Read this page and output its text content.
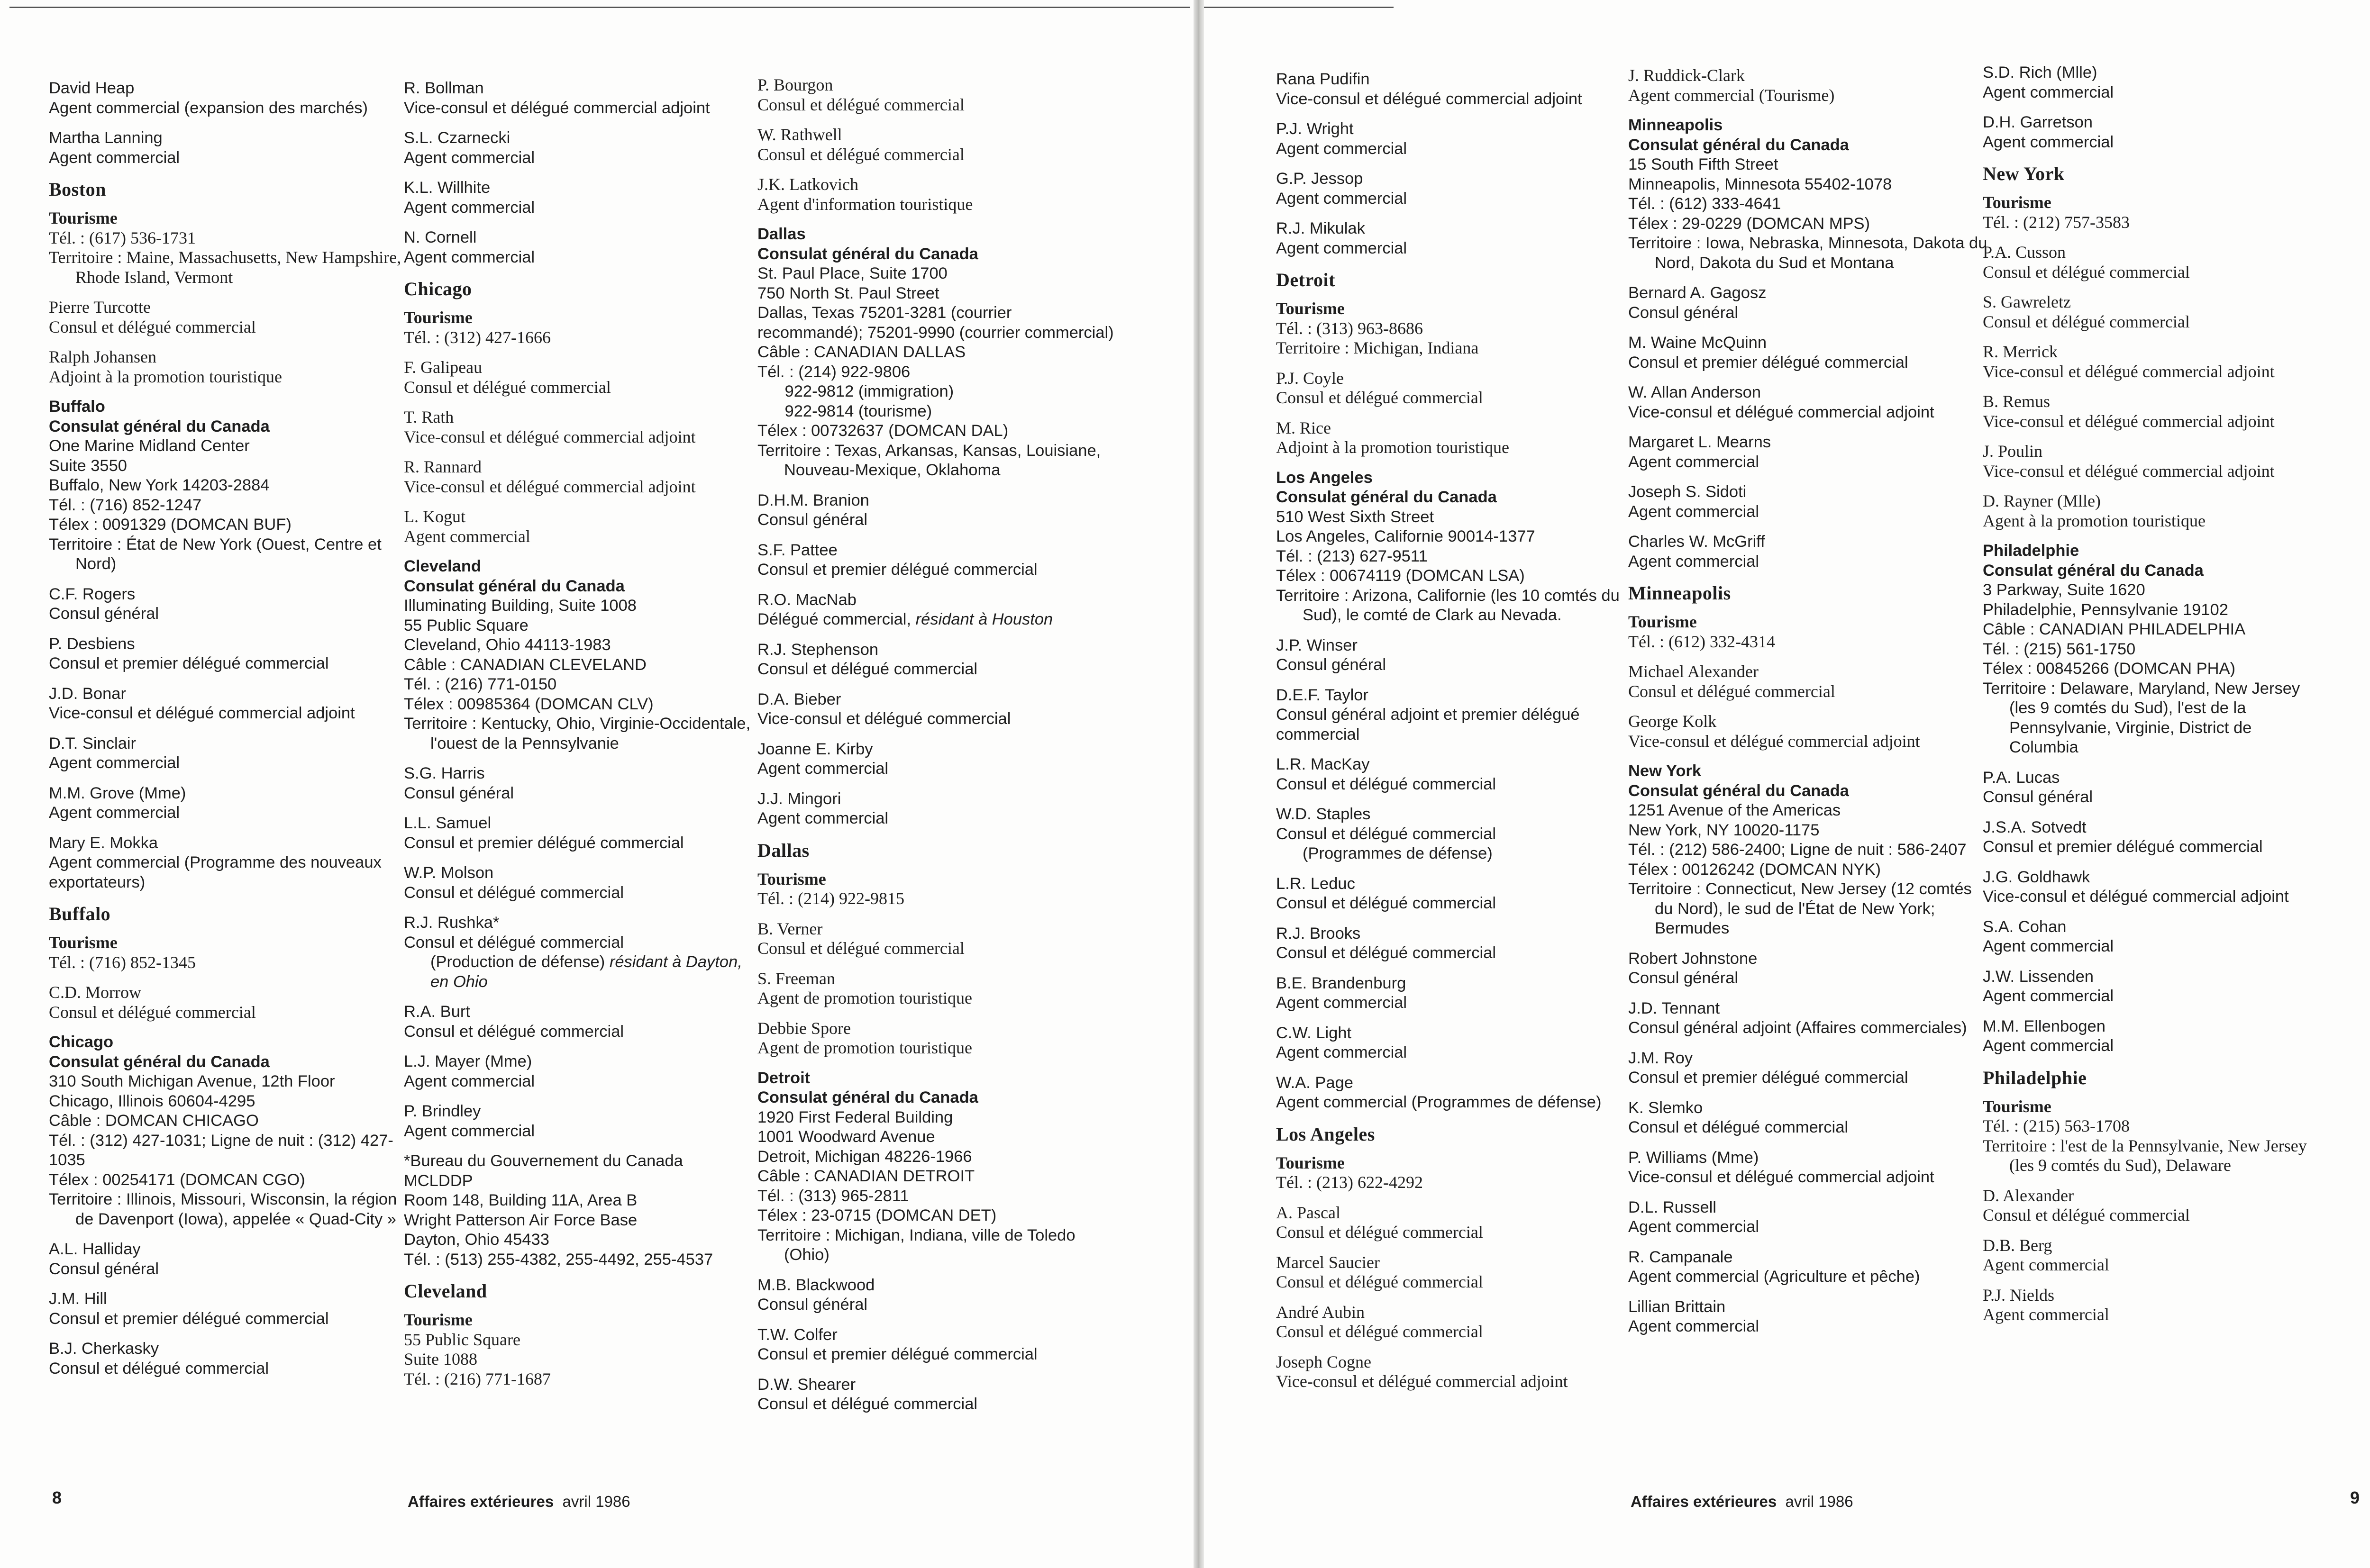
David Heap
Agent commercial (expansion des marchés)
Martha Lanning
Agent commercial
Boston
Tourisme
Tél. : (617) 536-1731
Territoire : Maine, Massachusetts, New Hampshire, Rhode Island, Vermont
Pierre Turcotte
Consul et délégué commercial
Ralph Johansen
Adjoint à la promotion touristique
Buffalo
Consulat général du Canada
One Marine Midland Center
Suite 3550
Buffalo, New York 14203-2884
Tél. : (716) 852-1247
Télex : 0091329 (DOMCAN BUF)
Territoire : État de New York (Ouest, Centre et Nord)
C.F. Rogers
Consul général
P. Desbiens
Consul et premier délégué commercial
J.D. Bonar
Vice-consul et délégué commercial adjoint
D.T. Sinclair
Agent commercial
M.M. Grove (Mme)
Agent commercial
Mary E. Mokka
Agent commercial (Programme des nouveaux exportateurs)
Buffalo
Tourisme
Tél. : (716) 852-1345
C.D. Morrow
Consul et délégué commercial
Chicago
Consulat général du Canada
310 South Michigan Avenue, 12th Floor
Chicago, Illinois 60604-4295
Câble : DOMCAN CHICAGO
Tél. : (312) 427-1031; Ligne de nuit : (312) 427-1035
Télex : 00254171 (DOMCAN CGO)
Territoire : Illinois, Missouri, Wisconsin, la région de Davenport (Iowa), appelée « Quad-City »
A.L. Halliday
Consul général
J.M. Hill
Consul et premier délégué commercial
B.J. Cherkasky
Consul et délégué commercial
R. Bollman
Vice-consul et délégué commercial adjoint
S.L. Czarnecki
Agent commercial
K.L. Willhite
Agent commercial
N. Cornell
Agent commercial
Chicago
Tourisme
Tél. : (312) 427-1666
F. Galipeau
Consul et délégué commercial
T. Rath
Vice-consul et délégué commercial adjoint
R. Rannard
Vice-consul et délégué commercial adjoint
L. Kogut
Agent commercial
Cleveland
Consulat général du Canada
Illuminating Building, Suite 1008
55 Public Square
Cleveland, Ohio 44113-1983
Câble : CANADIAN CLEVELAND
Tél. : (216) 771-0150
Télex : 00985364 (DOMCAN CLV)
Territoire : Kentucky, Ohio, Virginie-Occidentale, l'ouest de la Pennsylvanie
S.G. Harris
Consul général
L.L. Samuel
Consul et premier délégué commercial
W.P. Molson
Consul et délégué commercial
R.J. Rushka*
Consul et délégué commercial
(Production de défense) résidant à Dayton, en Ohio
R.A. Burt
Consul et délégué commercial
L.J. Mayer (Mme)
Agent commercial
P. Brindley
Agent commercial
*Bureau du Gouvernement du Canada
MCLDDP
Room 148, Building 11A, Area B
Wright Patterson Air Force Base
Dayton, Ohio 45433
Tél. : (513) 255-4382, 255-4492, 255-4537
Cleveland
Tourisme
55 Public Square
Suite 1088
Tél. : (216) 771-1687
P. Bourgon
Consul et délégué commercial
W. Rathwell
Consul et délégué commercial
J.K. Latkovich
Agent d'information touristique
Dallas
Consulat général du Canada
St. Paul Place, Suite 1700
750 North St. Paul Street
Dallas, Texas 75201-3281 (courrier recommandé); 75201-9990 (courrier commercial)
Câble : CANADIAN DALLAS
Tél. : (214) 922-9806
922-9812 (immigration)
922-9814 (tourisme)
Télex : 00732637 (DOMCAN DAL)
Territoire : Texas, Arkansas, Kansas, Louisiane, Nouveau-Mexique, Oklahoma
D.H.M. Branion
Consul général
S.F. Pattee
Consul et premier délégué commercial
R.O. MacNab
Délégué commercial, résidant à Houston
R.J. Stephenson
Consul et délégué commercial
D.A. Bieber
Vice-consul et délégué commercial
Joanne E. Kirby
Agent commercial
J.J. Mingori
Agent commercial
Dallas
Tourisme
Tél. : (214) 922-9815
B. Verner
Consul et délégué commercial
S. Freeman
Agent de promotion touristique
Debbie Spore
Agent de promotion touristique
Detroit
Consulat général du Canada
1920 First Federal Building
1001 Woodward Avenue
Detroit, Michigan 48226-1966
Câble : CANADIAN DETROIT
Tél. : (313) 965-2811
Télex : 23-0715 (DOMCAN DET)
Territoire : Michigan, Indiana, ville de Toledo (Ohio)
M.B. Blackwood
Consul général
T.W. Colfer
Consul et premier délégué commercial
D.W. Shearer
Consul et délégué commercial
8	Affaires extérieures avril 1986
Rana Pudifin
Vice-consul et délégué commercial adjoint
P.J. Wright
Agent commercial
G.P. Jessop
Agent commercial
R.J. Mikulak
Agent commercial
Detroit
Tourisme
Tél. : (313) 963-8686
Territoire : Michigan, Indiana
P.J. Coyle
Consul et délégué commercial
M. Rice
Adjoint à la promotion touristique
Los Angeles
Consulat général du Canada
510 West Sixth Street
Los Angeles, Californie 90014-1377
Tél. : (213) 627-9511
Télex : 00674119 (DOMCAN LSA)
Territoire : Arizona, Californie (les 10 comtés du Sud), le comté de Clark au Nevada.
J.P. Winser
Consul général
D.E.F. Taylor
Consul général adjoint et premier délégué commercial
L.R. MacKay
Consul et délégué commercial
W.D. Staples
Consul et délégué commercial
(Programmes de défense)
L.R. Leduc
Consul et délégué commercial
R.J. Brooks
Consul et délégué commercial
B.E. Brandenburg
Agent commercial
C.W. Light
Agent commercial
W.A. Page
Agent commercial (Programmes de défense)
Los Angeles
Tourisme
Tél. : (213) 622-4292
A. Pascal
Consul et délégué commercial
Marcel Saucier
Consul et délégué commercial
André Aubin
Consul et délégué commercial
Joseph Cogne
Vice-consul et délégué commercial adjoint
J. Ruddick-Clark
Agent commercial (Tourisme)
Minneapolis
Consulat général du Canada
15 South Fifth Street
Minneapolis, Minnesota 55402-1078
Tél. : (612) 333-4641
Télex : 29-0229 (DOMCAN MPS)
Territoire : Iowa, Nebraska, Minnesota, Dakota du Nord, Dakota du Sud et Montana
Bernard A. Gagosz
Consul général
M. Waine McQuinn
Consul et premier délégué commercial
W. Allan Anderson
Vice-consul et délégué commercial adjoint
Margaret L. Mearns
Agent commercial
Joseph S. Sidoti
Agent commercial
Charles W. McGriff
Agent commercial
Minneapolis
Tourisme
Tél. : (612) 332-4314
Michael Alexander
Consul et délégué commercial
George Kolk
Vice-consul et délégué commercial adjoint
New York
Consulat général du Canada
1251 Avenue of the Americas
New York, NY 10020-1175
Tél. : (212) 586-2400; Ligne de nuit : 586-2407
Télex : 00126242 (DOMCAN NYK)
Territoire : Connecticut, New Jersey (12 comtés du Nord), le sud de l'État de New York; Bermudes
Robert Johnstone
Consul général
J.D. Tennant
Consul général adjoint (Affaires commerciales)
J.M. Roy
Consul et premier délégué commercial
K. Slemko
Consul et délégué commercial
P. Williams (Mme)
Vice-consul et délégué commercial adjoint
D.L. Russell
Agent commercial
R. Campanale
Agent commercial (Agriculture et pêche)
Lillian Brittain
Agent commercial
S.D. Rich (Mlle)
Agent commercial
D.H. Garretson
Agent commercial
New York
Tourisme
Tél. : (212) 757-3583
P.A. Cusson
Consul et délégué commercial
S. Gawreletz
Consul et délégué commercial
R. Merrick
Vice-consul et délégué commercial adjoint
B. Remus
Vice-consul et délégué commercial adjoint
J. Poulin
Vice-consul et délégué commercial adjoint
D. Rayner (Mlle)
Agent à la promotion touristique
Philadelphie
Consulat général du Canada
3 Parkway, Suite 1620
Philadelphie, Pennsylvanie 19102
Câble : CANADIAN PHILADELPHIA
Tél. : (215) 561-1750
Télex : 00845266 (DOMCAN PHA)
Territoire : Delaware, Maryland, New Jersey (les 9 comtés du Sud), l'est de la Pennsylvanie, Virginie, District de Columbia
P.A. Lucas
Consul général
J.S.A. Sotvedt
Consul et premier délégué commercial
J.G. Goldhawk
Vice-consul et délégué commercial adjoint
S.A. Cohan
Agent commercial
J.W. Lissenden
Agent commercial
M.M. Ellenbogen
Agent commercial
Philadelphie
Tourisme
Tél. : (215) 563-1708
Territoire : l'est de la Pennsylvanie, New Jersey (les 9 comtés du Sud), Delaware
D. Alexander
Consul et délégué commercial
D.B. Berg
Agent commercial
P.J. Nields
Agent commercial
Affaires extérieures avril 1986	9
